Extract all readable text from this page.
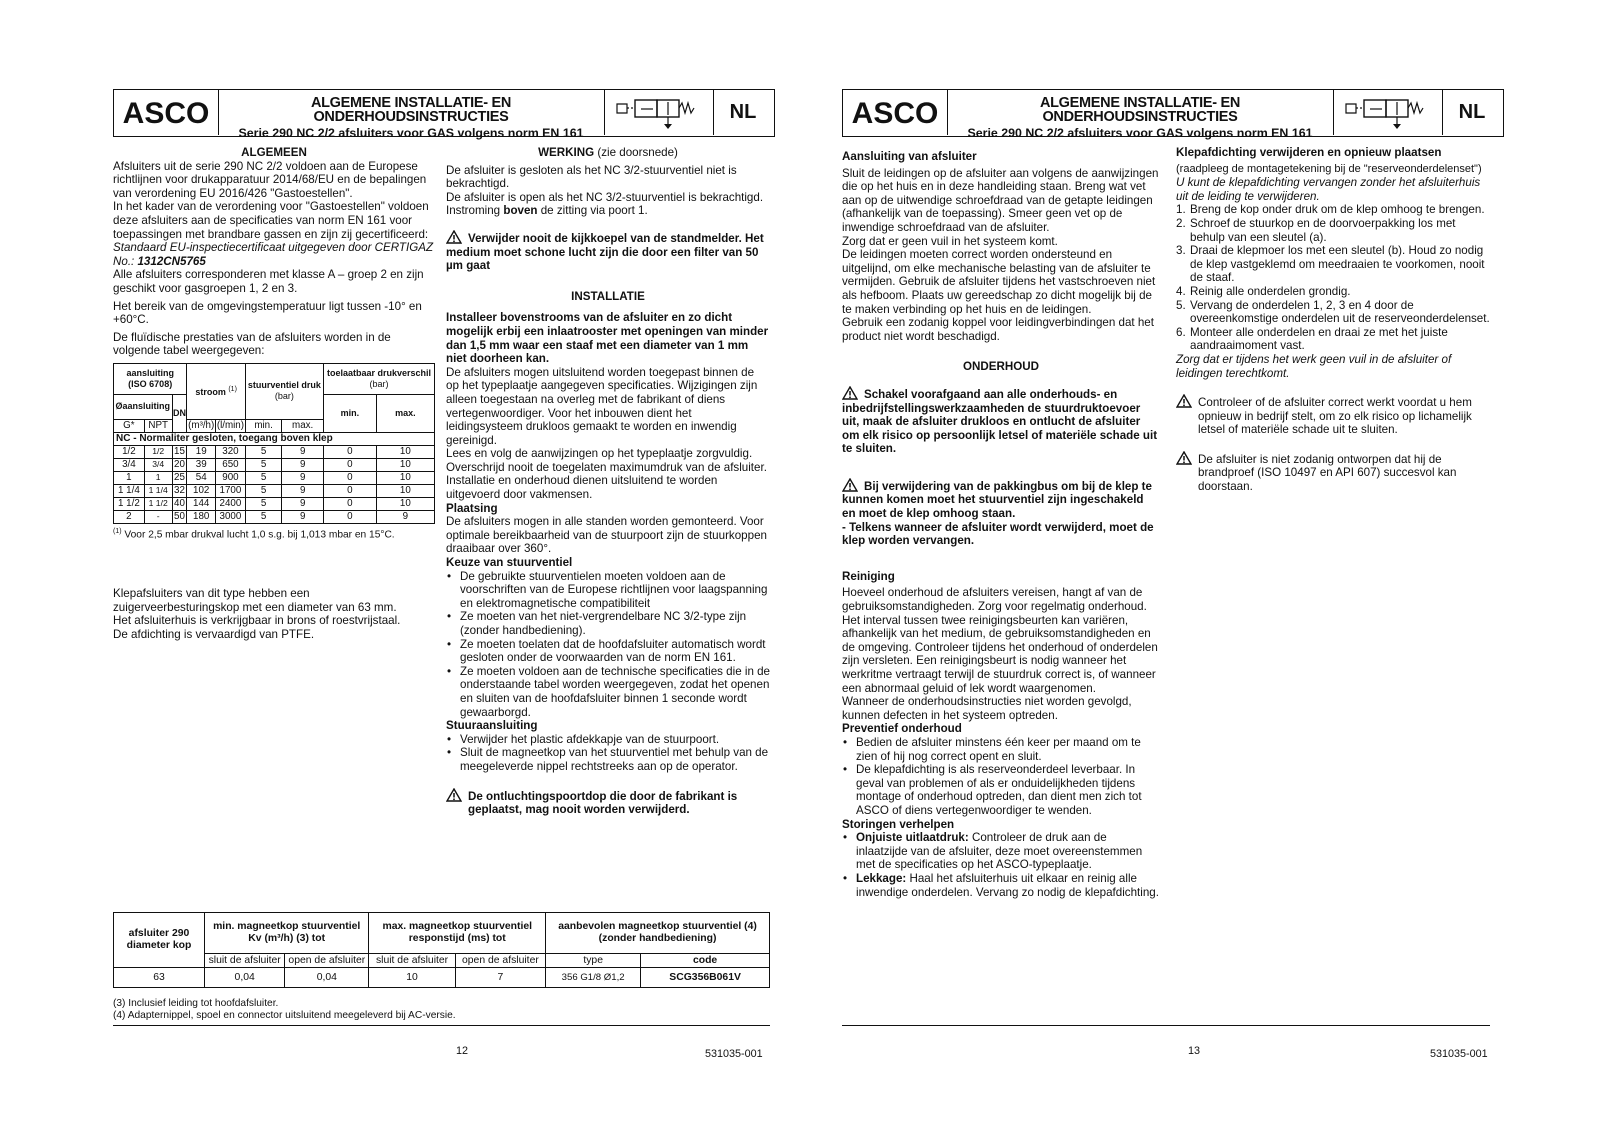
ASCO	ALGEMENE INSTALLATIE- EN ONDERHOUDSINSTRUCTIES
Serie 290 NC 2/2 afsluiters voor GAS volgens norm EN 161
NL

ALGEMEEN

Afsluiters uit de serie 290 NC 2/2 voldoen aan de Europese richtlijnen voor drukapparatuur 2014/68/EU en de bepalingen van verordening EU 2016/426 "Gastoestellen".

In het kader van de verordening voor "Gastoestellen" voldoen deze afsluiters aan de specificaties van norm EN 161 voor toepassingen met brandbare gassen en zijn zij gecertificeerd:

Standaard EU-inspectiecertificaat uitgegeven door CERTIGAZ No.: 1312CN5765

Alle afsluiters corresponderen met klasse A – groep 2 en zijn geschikt voor gasgroepen 1, 2 en 3.

Het bereik van de omgevingstemperatuur ligt tussen -10° en +60°C.

De fluïdische prestaties van de afsluiters worden in de volgende tabel weergegeven:

aansluiting
(ISO 6708)			stroom $^{(1)}$		stuurventiel druk
(bar)		toelaatbaar drukverschil
(bar)	
Øaansluiting		DN					min.	max.
G*	NPT		(m³/h)	(l/min)	min.	max.		
NC - Normaliter gesloten, toegang boven klep								
1/2	1/2	15	19	320	5	9	0	10
3/4	3/4	20	39	650	5	9	0	10
1	1	25	54	900	5	9	0	10
1 1/4	1 1/4	32	102	1700	5	9	0	10
1 1/2	1 1/2	40	144	2400	5	9	0	10
2	-	50	180	3000	5	9	0	9

$^{(1)}$ Voor 2,5 mbar drukval lucht 1,0 s.g. bij 1,013 mbar en 15°C.

Klepafsluiters van dit type hebben een zuigerveerbesturingskop met een diameter van 63 mm.

Het afsluiterhuis is verkrijgbaar in brons of roestvrijstaal.

De afdichting is vervaardigd van PTFE.

WERKING (zie doorsnede)

De afsluiter is gesloten als het NC 3/2-stuurventiel niet is bekrachtigd.

De afsluiter is open als het NC 3/2-stuurventiel is bekrachtigd.

Instroming boven de zitting via poort 1.

Verwijder nooit de kijkkoepel van de standmelder. Het medium moet schone lucht zijn die door een filter van 50 µm gaat

INSTALLATIE

Installeer bovenstrooms van de afsluiter en zo dicht mogelijk erbij een inlaatrooster met openingen van minder dan 1,5 mm waar een staaf met een diameter van 1 mm niet doorheen kan.

De afsluiters mogen uitsluitend worden toegepast binnen de op het typeplaatje aangegeven specificaties. Wijzigingen zijn alleen toegestaan na overleg met de fabrikant of diens vertegenwoordiger. Voor het inbouwen dient het leidingsysteem drukloos gemaakt te worden en inwendig gereinigd.

Lees en volg de aanwijzingen op het typeplaatje zorgvuldig. Overschrijd nooit de toegelaten maximumdruk van de afsluiter. Installatie en onderhoud dienen uitsluitend te worden uitgevoerd door vakmensen.

Plaatsing

De afsluiters mogen in alle standen worden gemonteerd. Voor optimale bereikbaarheid van de stuurpoort zijn de stuurkoppen draaibaar over 360°.

Keuze van stuurventiel

• De gebruikte stuurventielen moeten voldoen aan de voorschriften van de Europese richtlijnen voor laagspanning en elektromagnetische compatibiliteit
• Ze moeten van het niet-vergrendelbare NC 3/2-type zijn (zonder handbediening).
• Ze moeten toelaten dat de hoofdafsluiter automatisch wordt gesloten onder de voorwaarden van de norm EN 161.
• Ze moeten voldoen aan de technische specificaties die in de onderstaande tabel worden weergegeven, zodat het openen en sluiten van de hoofdafsluiter binnen 1 seconde wordt gewaarborgd.

Stuuraansluiting

• Verwijder het plastic afdekkapje van de stuurpoort.
• Sluit de magneetkop van het stuurventiel met behulp van de meegeleverde nippel rechtstreeks aan op de operator.

De ontluchtingspoortdop die door de fabrikant is geplaatst, mag nooit worden verwijderd.

afsluiter 290 diameter kop	min. magneetkop stuurventiel Kv (m³/h) (3) tot		max. magneetkop stuurventiel responstijd (ms) tot		aanbevolen magneetkop stuurventiel (4) (zonder handbediening)	
	sluit de afsluiter	open de afsluiter	sluit de afsluiter	open de afsluiter	type	code
63	0,04	0,04	10	7	356 G1/8 Ø1,2	SCG356B061V

(3) Inclusief leiding tot hoofdafsluiter.

(4) Adapternippel, spoel en connector uitsluitend meegeleverd bij AC-versie.

12	531035-001
ASCO	ALGEMENE INSTALLATIE- EN ONDERHOUDSINSTRUCTIES
Serie 290 NC 2/2 afsluiters voor GAS volgens norm EN 161
NL

Aansluiting van afsluiter

Sluit de leidingen op de afsluiter aan volgens de aanwijzingen die op het huis en in deze handleiding staan. Breng wat vet aan op de uitwendige schroefdraad van de getapte leidingen (afhankelijk van de toepassing). Smeer geen vet op de inwendige schroefdraad van de afsluiter.

Zorg dat er geen vuil in het systeem komt.

De leidingen moeten correct worden ondersteund en uitgelijnd, om elke mechanische belasting van de afsluiter te vermijden. Gebruik de afsluiter tijdens het vastschroeven niet als hefboom. Plaats uw gereedschap zo dicht mogelijk bij de te maken verbinding op het huis en de leidingen.

Gebruik een zodanig koppel voor leidingverbindingen dat het product niet wordt beschadigd.

ONDERHOUD

Schakel voorafgaand aan alle onderhouds- en inbedrijfstellingswerkzaamheden de stuurdruktoevoer uit, maak de afsluiter drukloos en ontlucht de afsluiter om elk risico op persoonlijk letsel of materiële schade uit te sluiten.

Bij verwijdering van de pakkingbus om bij de klep te kunnen komen moet het stuurventiel zijn ingeschakeld en moet de klep omhoog staan.

- Telkens wanneer de afsluiter wordt verwijderd, moet de klep worden vervangen.

Reiniging

Hoeveel onderhoud de afsluiters vereisen, hangt af van de gebruiksomstandigheden. Zorg voor regelmatig onderhoud. Het interval tussen twee reinigingsbeurten kan variëren, afhankelijk van het medium, de gebruiksomstandigheden en de omgeving. Controleer tijdens het onderhoud of onderdelen zijn versleten. Een reinigingsbeurt is nodig wanneer het werkritme vertraagt terwijl de stuurdruk correct is, of wanneer een abnormaal geluid of lek wordt waargenomen.

Wanneer de onderhoudsinstructies niet worden gevolgd, kunnen defecten in het systeem optreden.

Preventief onderhoud

• Bedien de afsluiter minstens één keer per maand om te zien of hij nog correct opent en sluit.
• De klepafdichting is als reserveonderdeel leverbaar. In geval van problemen of als er onduidelijkheden tijdens montage of onderhoud optreden, dan dient men zich tot ASCO of diens vertegenwoordiger te wenden.

Storingen verhelpen

• Onjuiste uitlaatdruk: Controleer de druk aan de inlaatzijde van de afsluiter, deze moet overeenstemmen met de specificaties op het ASCO-typeplaatje.
• Lekkage: Haal het afsluiterhuis uit elkaar en reinig alle inwendige onderdelen. Vervang zo nodig de klepafdichting.

Klepafdichting verwijderen en opnieuw plaatsen

(raadpleeg de montagetekening bij de "reserveonderdelenset")

U kunt de klepafdichting vervangen zonder het afsluiterhuis uit de leiding te verwijderen.

1. Breng de kop onder druk om de klep omhoog te brengen.
2. Schroef de stuurkop en de doorvoerpakking los met behulp van een sleutel (a).
3. Draai de klepmoer los met een sleutel (b). Houd zo nodig de klep vastgeklemd om meedraaien te voorkomen, nooit de staaf.
4. Reinig alle onderdelen grondig.
5. Vervang de onderdelen 1, 2, 3 en 4 door de overeenkomstige onderdelen uit de reserveonderdelenset.
6. Monteer alle onderdelen en draai ze met het juiste aandraaimoment vast.

Zorg dat er tijdens het werk geen vuil in de afsluiter of leidingen terechtkomt.

Controleer of de afsluiter correct werkt voordat u hem opnieuw in bedrijf stelt, om zo elk risico op lichamelijk letsel of materiële schade uit te sluiten.

De afsluiter is niet zodanig ontworpen dat hij de brandproef (ISO 10497 en API 607) succesvol kan doorstaan.

13	531035-001
